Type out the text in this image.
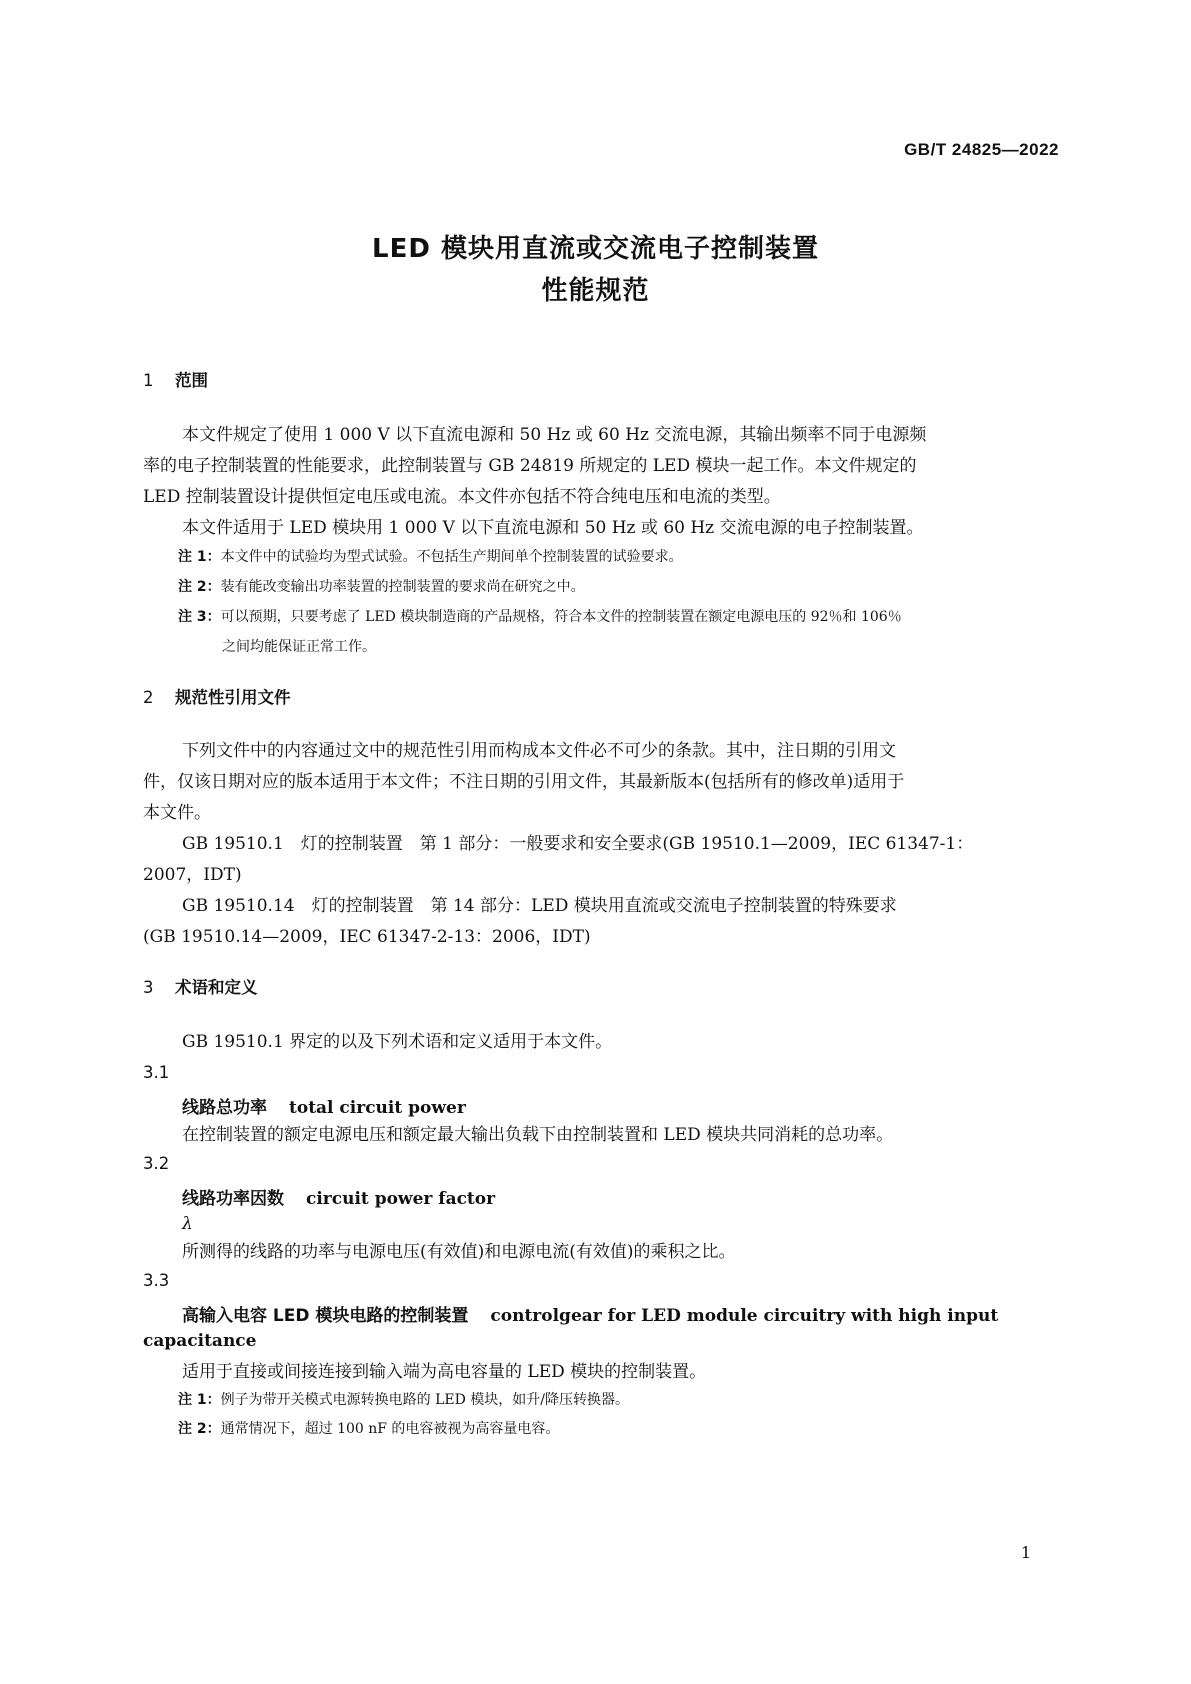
GB/T 24825—2022
LED 模块用直流或交流电子控制装置
性能规范
1 范围
本文件规定了使用 1 000 V 以下直流电源和 50 Hz 或 60 Hz 交流电源，其输出频率不同于电源频
率的电子控制装置的性能要求，此控制装置与 GB 24819 所规定的 LED 模块一起工作。本文件规定的
LED 控制装置设计提供恒定电压或电流。本文件亦包括不符合纯电压和电流的类型。
本文件适用于 LED 模块用 1 000 V 以下直流电源和 50 Hz 或 60 Hz 交流电源的电子控制装置。
注 1：本文件中的试验均为型式试验。不包括生产期间单个控制装置的试验要求。
注 2：装有能改变输出功率装置的控制装置的要求尚在研究之中。
注 3：可以预期，只要考虑了 LED 模块制造商的产品规格，符合本文件的控制装置在额定电源电压的 92％和 106％
之间均能保证正常工作。
2 规范性引用文件
下列文件中的内容通过文中的规范性引用而构成本文件必不可少的条款。其中，注日期的引用文
件，仅该日期对应的版本适用于本文件；不注日期的引用文件，其最新版本(包括所有的修改单)适用于
本文件。
GB 19510.1　灯的控制装置　第 1 部分：一般要求和安全要求(GB 19510.1—2009，IEC 61347-1：
2007，IDT)
GB 19510.14　灯的控制装置　第 14 部分：LED 模块用直流或交流电子控制装置的特殊要求
(GB 19510.14—2009，IEC 61347-2-13：2006，IDT)
3 术语和定义
GB 19510.1 界定的以及下列术语和定义适用于本文件。
3.1
线路总功率 total circuit power
在控制装置的额定电源电压和额定最大输出负载下由控制装置和 LED 模块共同消耗的总功率。
3.2
线路功率因数 circuit power factor
λ
所测得的线路的功率与电源电压(有效值)和电源电流(有效值)的乘积之比。
3.3
高输入电容 LED 模块电路的控制装置 controlgear for LED module circuitry with high input
capacitance
适用于直接或间接连接到输入端为高电容量的 LED 模块的控制装置。
注 1：例子为带开关模式电源转换电路的 LED 模块，如升/降压转换器。
注 2：通常情况下，超过 100 nF 的电容被视为高容量电容。
1
